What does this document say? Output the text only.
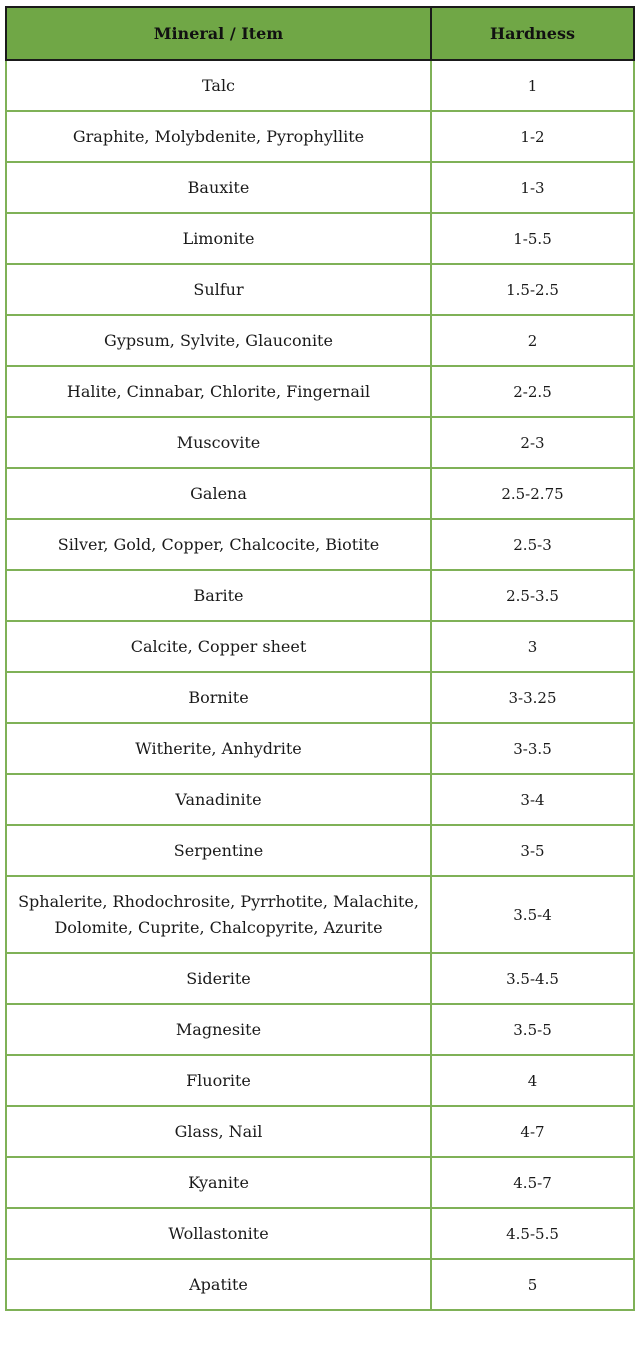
Mineral / Item	Hardness
Talc	1
Graphite, Molybdenite, Pyrophyllite	1-2
Bauxite	1-3
Limonite	1-5.5
Sulfur	1.5-2.5
Gypsum, Sylvite, Glauconite	2
Halite, Cinnabar, Chlorite, Fingernail	2-2.5
Muscovite	2-3
Galena	2.5-2.75
Silver, Gold, Copper, Chalcocite, Biotite	2.5-3
Barite	2.5-3.5
Calcite, Copper sheet	3
Bornite	3-3.25
Witherite, Anhydrite	3-3.5
Vanadinite	3-4
Serpentine	3-5
Sphalerite, Rhodochrosite, Pyrrhotite, Malachite, Dolomite, Cuprite, Chalcopyrite, Azurite	3.5-4
Siderite	3.5-4.5
Magnesite	3.5-5
Fluorite	4
Glass, Nail	4-7
Kyanite	4.5-7
Wollastonite	4.5-5.5
Apatite	5
